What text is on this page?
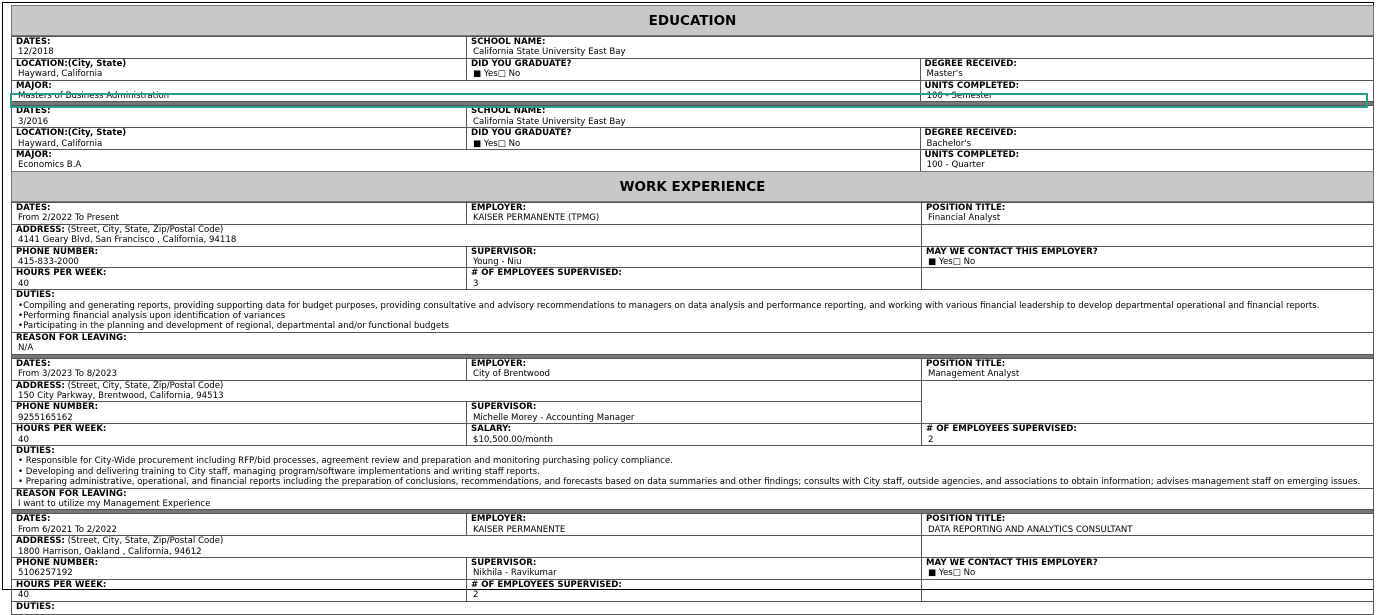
EDUCATION
DATES:
12/2018	SCHOOL NAME:
California State University East Bay	

LOCATION:(City, State)
Hayward, California	DID YOU GRADUATE?
■ Yes□ No	DEGREE RECEIVED:
Master's

MAJOR:
Masters of Business Administration		UNITS COMPLETED:
100 - Semester

DATES:
3/2016	SCHOOL NAME:
California State University East Bay	

LOCATION:(City, State)
Hayward, California	DID YOU GRADUATE?
■ Yes□ No	DEGREE RECEIVED:
Bachelor's

MAJOR:
Economics B.A		UNITS COMPLETED:
100 - Quarter
WORK EXPERIENCE
DATES:
From 2/2022 To Present	EMPLOYER:
KAISER PERMANENTE (TPMG)	POSITION TITLE:
Financial Analyst

ADDRESS: (Street, City, State, Zip/Postal Code)
4141 Geary Blvd, San Francisco , California, 94118		

PHONE NUMBER:
415-833-2000	SUPERVISOR:
Young - Niu	MAY WE CONTACT THIS EMPLOYER?
■ Yes□ No

HOURS PER WEEK:
40	# OF EMPLOYEES SUPERVISED:
3	

DUTIES:
•Compiling and generating reports, providing supporting data for budget purposes, providing consultative and advisory recommendations to managers on data analysis and performance reporting, and working with various financial leadership to develop departmental operational and financial reports.
•Performing financial analysis upon identification of variances
•Participating in the planning and development of regional, departmental and/or functional budgets		

REASON FOR LEAVING:
N/A		

DATES:
From 3/2023 To 8/2023	EMPLOYER:
City of Brentwood	POSITION TITLE:
Management Analyst

ADDRESS: (Street, City, State, Zip/Postal Code)
150 City Parkway, Brentwood, California, 94513		

PHONE NUMBER:
9255165162	SUPERVISOR:
Michelle Morey - Accounting Manager	

HOURS PER WEEK:
40	SALARY:
$10,500.00/month	# OF EMPLOYEES SUPERVISED:
2

DUTIES:
• Responsible for City-Wide procurement including RFP/bid processes, agreement review and preparation and monitoring purchasing policy compliance.
• Developing and delivering training to City staff, managing program/software implementations and writing staff reports.
• Preparing administrative, operational, and financial reports including the preparation of conclusions, recommendations, and forecasts based on data summaries and other findings; consults with City staff, outside agencies, and associations to obtain information; advises management staff on emerging issues.		

REASON FOR LEAVING:
I want to utilize my Management Experience		

DATES:
From 6/2021 To 2/2022	EMPLOYER:
KAISER PERMANENTE	POSITION TITLE:
DATA REPORTING AND ANALYTICS CONSULTANT

ADDRESS: (Street, City, State, Zip/Postal Code)
1800 Harrison, Oakland , California, 94612		

PHONE NUMBER:
5106257192	SUPERVISOR:
Nikhila - Ravikumar	MAY WE CONTACT THIS EMPLOYER?
■ Yes□ No

HOURS PER WEEK:
40	# OF EMPLOYEES SUPERVISED:
2	

DUTIES:		
